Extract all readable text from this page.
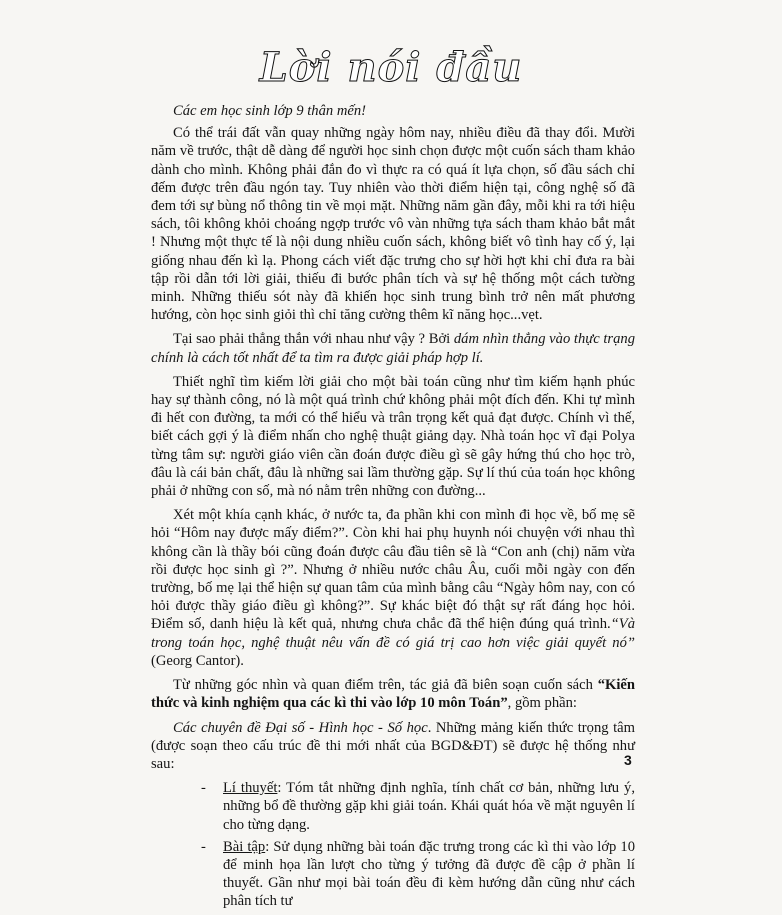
Lời nói đầu

Các em học sinh lớp 9 thân mến!

Có thể trái đất vẫn quay những ngày hôm nay, nhiều điều đã thay đổi. Mười năm về trước, thật dễ dàng để người học sinh chọn được một cuốn sách tham khảo dành cho mình. Không phải đắn đo vì thực ra có quá ít lựa chọn, số đầu sách chỉ đếm được trên đầu ngón tay. Tuy nhiên vào thời điểm hiện tại, công nghệ số đã đem tới sự bùng nổ thông tin về mọi mặt. Những năm gần đây, mỗi khi ra tới hiệu sách, tôi không khỏi choáng ngợp trước vô vàn những tựa sách tham khảo bắt mắt ! Nhưng một thực tế là nội dung nhiều cuốn sách, không biết vô tình hay cố ý, lại giống nhau đến kì lạ. Phong cách viết đặc trưng cho sự hời hợt khi chỉ đưa ra bài tập rồi dẫn tới lời giải, thiếu đi bước phân tích và sự hệ thống một cách tường minh. Những thiếu sót này đã khiến học sinh trung bình trở nên mất phương hướng, còn học sinh giỏi thì chỉ tăng cường thêm kĩ năng học...vẹt.

Tại sao phải thẳng thắn với nhau như vậy ? Bởi dám nhìn thẳng vào thực trạng chính là cách tốt nhất để ta tìm ra được giải pháp hợp lí.

Thiết nghĩ tìm kiếm lời giải cho một bài toán cũng như tìm kiếm hạnh phúc hay sự thành công, nó là một quá trình chứ không phải một đích đến. Khi tự mình đi hết con đường, ta mới có thể hiểu và trân trọng kết quả đạt được. Chính vì thế, biết cách gợi ý là điểm nhấn cho nghệ thuật giảng dạy. Nhà toán học vĩ đại Polya từng tâm sự: người giáo viên cần đoán được điều gì sẽ gây hứng thú cho học trò, đâu là cái bản chất, đâu là những sai lầm thường gặp. Sự lí thú của toán học không phải ở những con số, mà nó nằm trên những con đường...

Xét một khía cạnh khác, ở nước ta, đa phần khi con mình đi học về, bố mẹ sẽ hỏi “Hôm nay được mấy điểm?”. Còn khi hai phụ huynh nói chuyện với nhau thì không cần là thầy bói cũng đoán được câu đầu tiên sẽ là “Con anh (chị) năm vừa rồi được học sinh gì ?”. Nhưng ở nhiều nước châu Âu, cuối mỗi ngày con đến trường, bố mẹ lại thể hiện sự quan tâm của mình bằng câu “Ngày hôm nay, con có hỏi được thầy giáo điều gì không?”. Sự khác biệt đó thật sự rất đáng học hỏi. Điểm số, danh hiệu là kết quả, nhưng chưa chắc đã thể hiện đúng quá trình.“Và trong toán học, nghệ thuật nêu vấn đề có giá trị cao hơn việc giải quyết nó” (Georg Cantor).

Từ những góc nhìn và quan điểm trên, tác giả đã biên soạn cuốn sách “Kiến thức và kinh nghiệm qua các kì thi vào lớp 10 môn Toán”, gồm phần:

Các chuyên đề Đại số - Hình học - Số học. Những mảng kiến thức trọng tâm (được soạn theo cấu trúc đề thi mới nhất của BGD&ĐT) sẽ được hệ thống như sau:

- Lí thuyết: Tóm tắt những định nghĩa, tính chất cơ bản, những lưu ý, những bổ đề thường gặp khi giải toán. Khái quát hóa về mặt nguyên lí cho từng dạng.
- Bài tập: Sử dụng những bài toán đặc trưng trong các kì thi vào lớp 10 để minh họa lần lượt cho từng ý tưởng đã được đề cập ở phần lí thuyết. Gần như mọi bài toán đều đi kèm hướng dẫn cũng như cách phân tích tư
3
